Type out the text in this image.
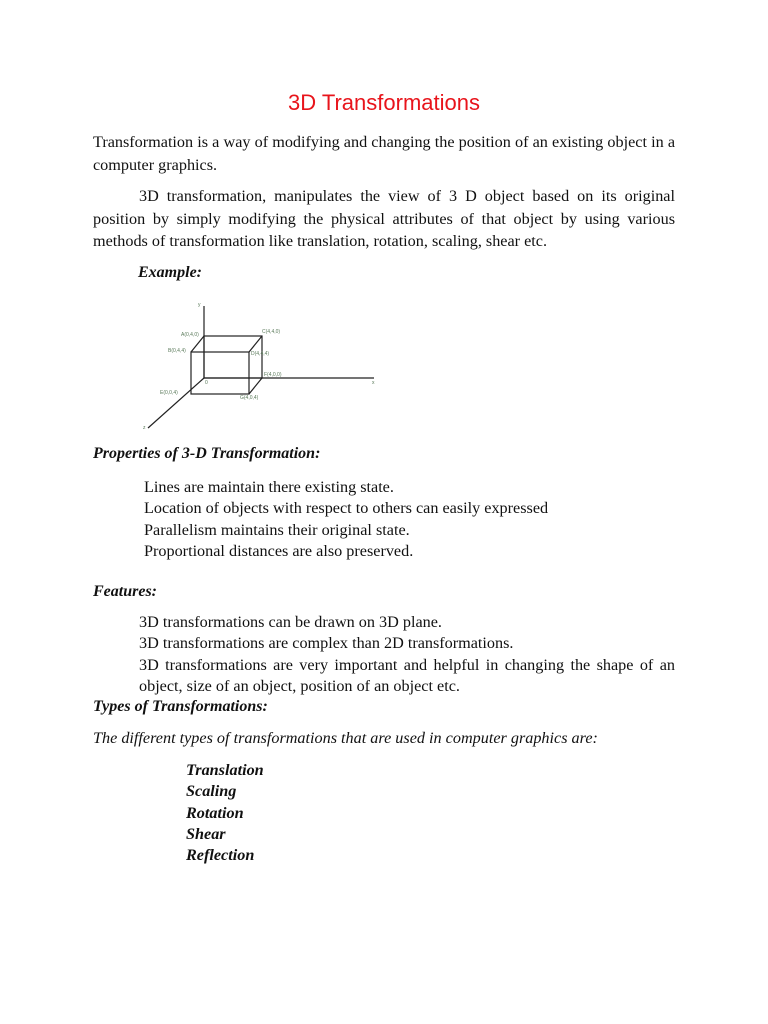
3D Transformations

Transformation is a way of modifying and changing the position of an existing object in a computer graphics.

3D transformation, manipulates the view of 3 D object based on its original position by simply modifying the physical attributes of that object by using various methods of transformation like translation, rotation, scaling, shear etc.

Example:

y
x
z
0
A(0,4,0)	C(4,4,0)
B(0,4,4)	D(4,4,4)
F(4,0,0)
E(0,0,4)
G(4,0,4)

Properties of 3-D Transformation:

Lines are maintain there existing state.
Location of objects with respect to others can easily expressed
Parallelism maintains their original state.
Proportional distances are also preserved.

Features:

3D transformations can be drawn on 3D plane.
3D transformations are complex than 2D transformations.
3D transformations are very important and helpful in changing the shape of an object, size of an object, position of an object etc.

Types of Transformations:

The different types of transformations that are used in computer graphics are:

Translation
Scaling
Rotation
Shear
Reflection
